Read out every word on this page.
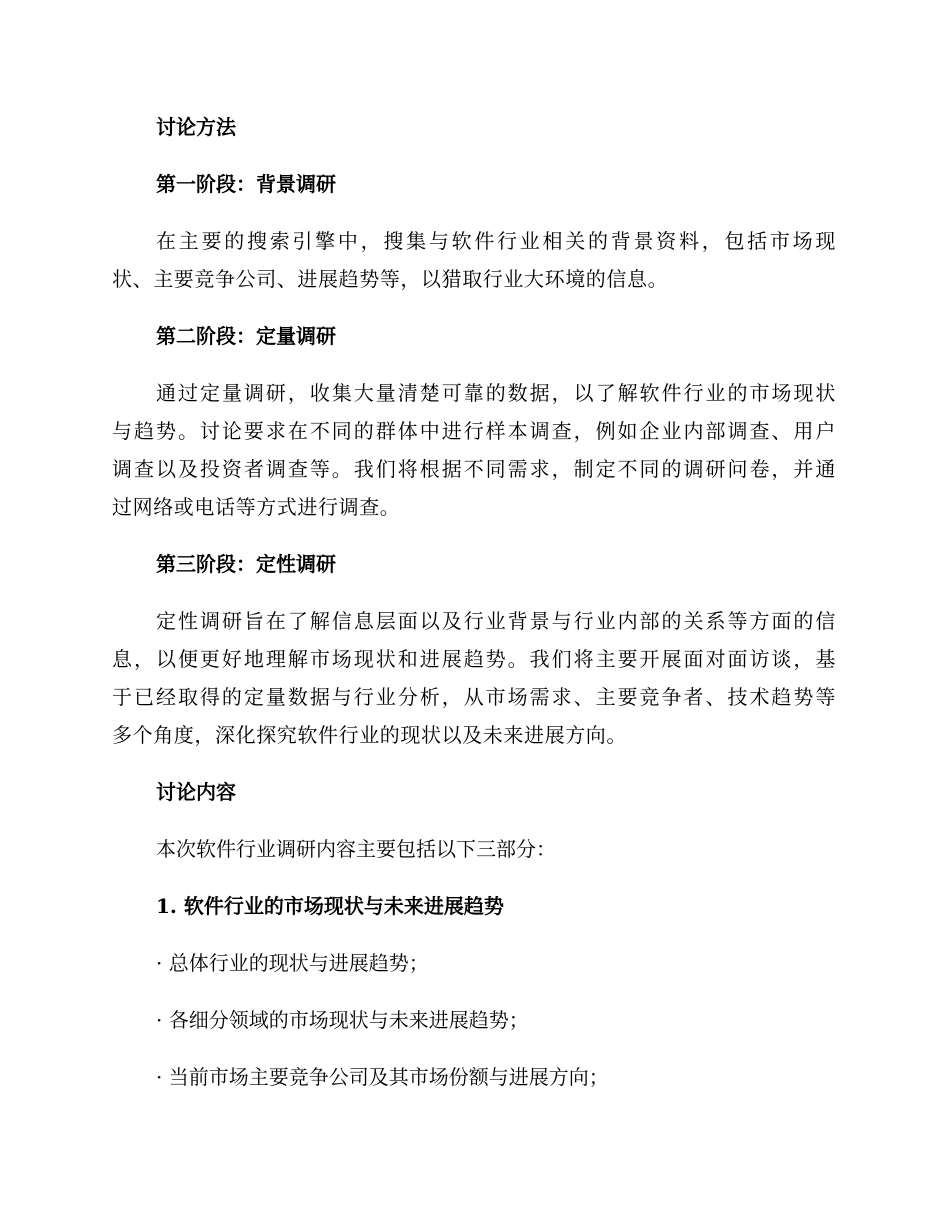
讨论方法
第一阶段：背景调研
在主要的搜索引擎中，搜集与软件行业相关的背景资料，包括市场现
状、主要竞争公司、进展趋势等，以猎取行业大环境的信息。
第二阶段：定量调研
通过定量调研，收集大量清楚可靠的数据，以了解软件行业的市场现状
与趋势。讨论要求在不同的群体中进行样本调查，例如企业内部调查、用户
调查以及投资者调查等。我们将根据不同需求，制定不同的调研问卷，并通
过网络或电话等方式进行调查。
第三阶段：定性调研
定性调研旨在了解信息层面以及行业背景与行业内部的关系等方面的信
息，以便更好地理解市场现状和进展趋势。我们将主要开展面对面访谈，基
于已经取得的定量数据与行业分析，从市场需求、主要竞争者、技术趋势等
多个角度，深化探究软件行业的现状以及未来进展方向。
讨论内容
本次软件行业调研内容主要包括以下三部分：
1. 软件行业的市场现状与未来进展趋势
· 总体行业的现状与进展趋势；
· 各细分领域的市场现状与未来进展趋势；
· 当前市场主要竞争公司及其市场份额与进展方向；
